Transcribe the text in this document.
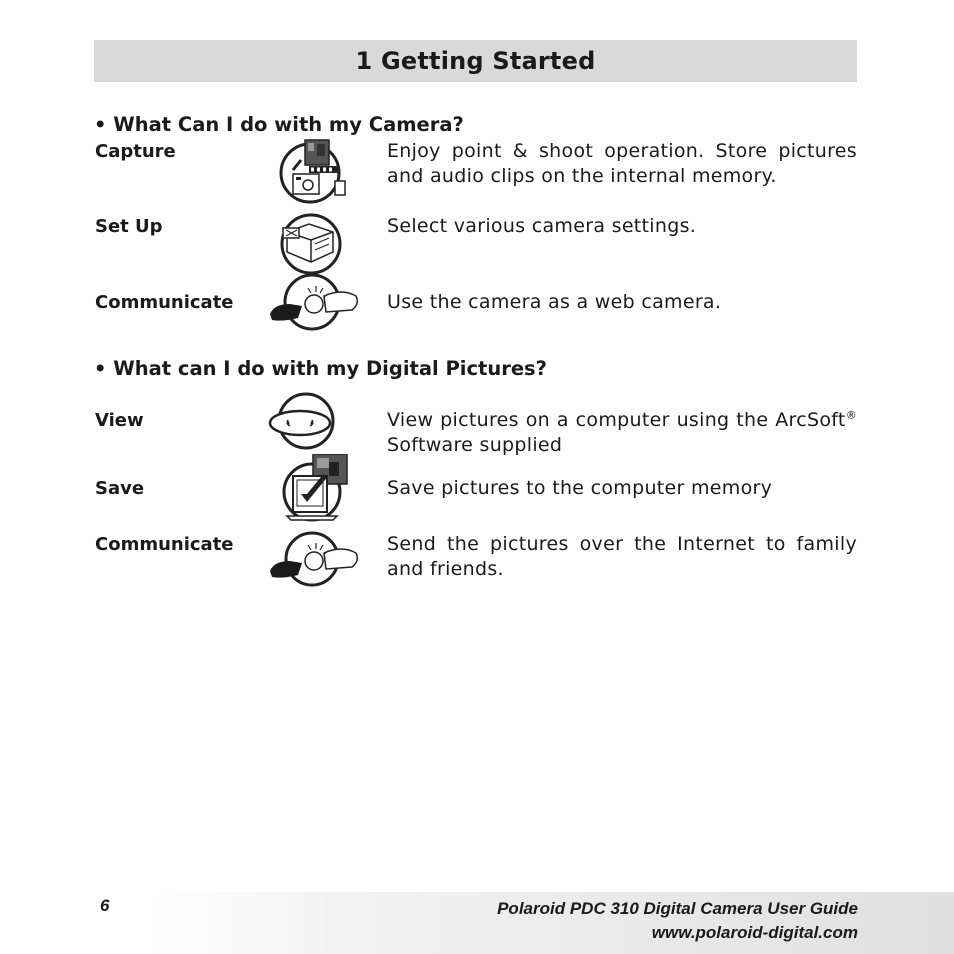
1 Getting Started
• What Can I do with my Camera?
Capture	Enjoy point & shoot operation. Store pictures and audio clips on the internal memory.
Set Up	Select various camera settings.
Communicate	Use the camera as a web camera.
• What can I do with my Digital Pictures?
View	View pictures on a computer using the ArcSoft® Software supplied
Save	Save pictures to the computer memory
Communicate	Send the pictures over the Internet to family and friends.
6	Polaroid PDC 310 Digital Camera User Guide
www.polaroid-digital.com
